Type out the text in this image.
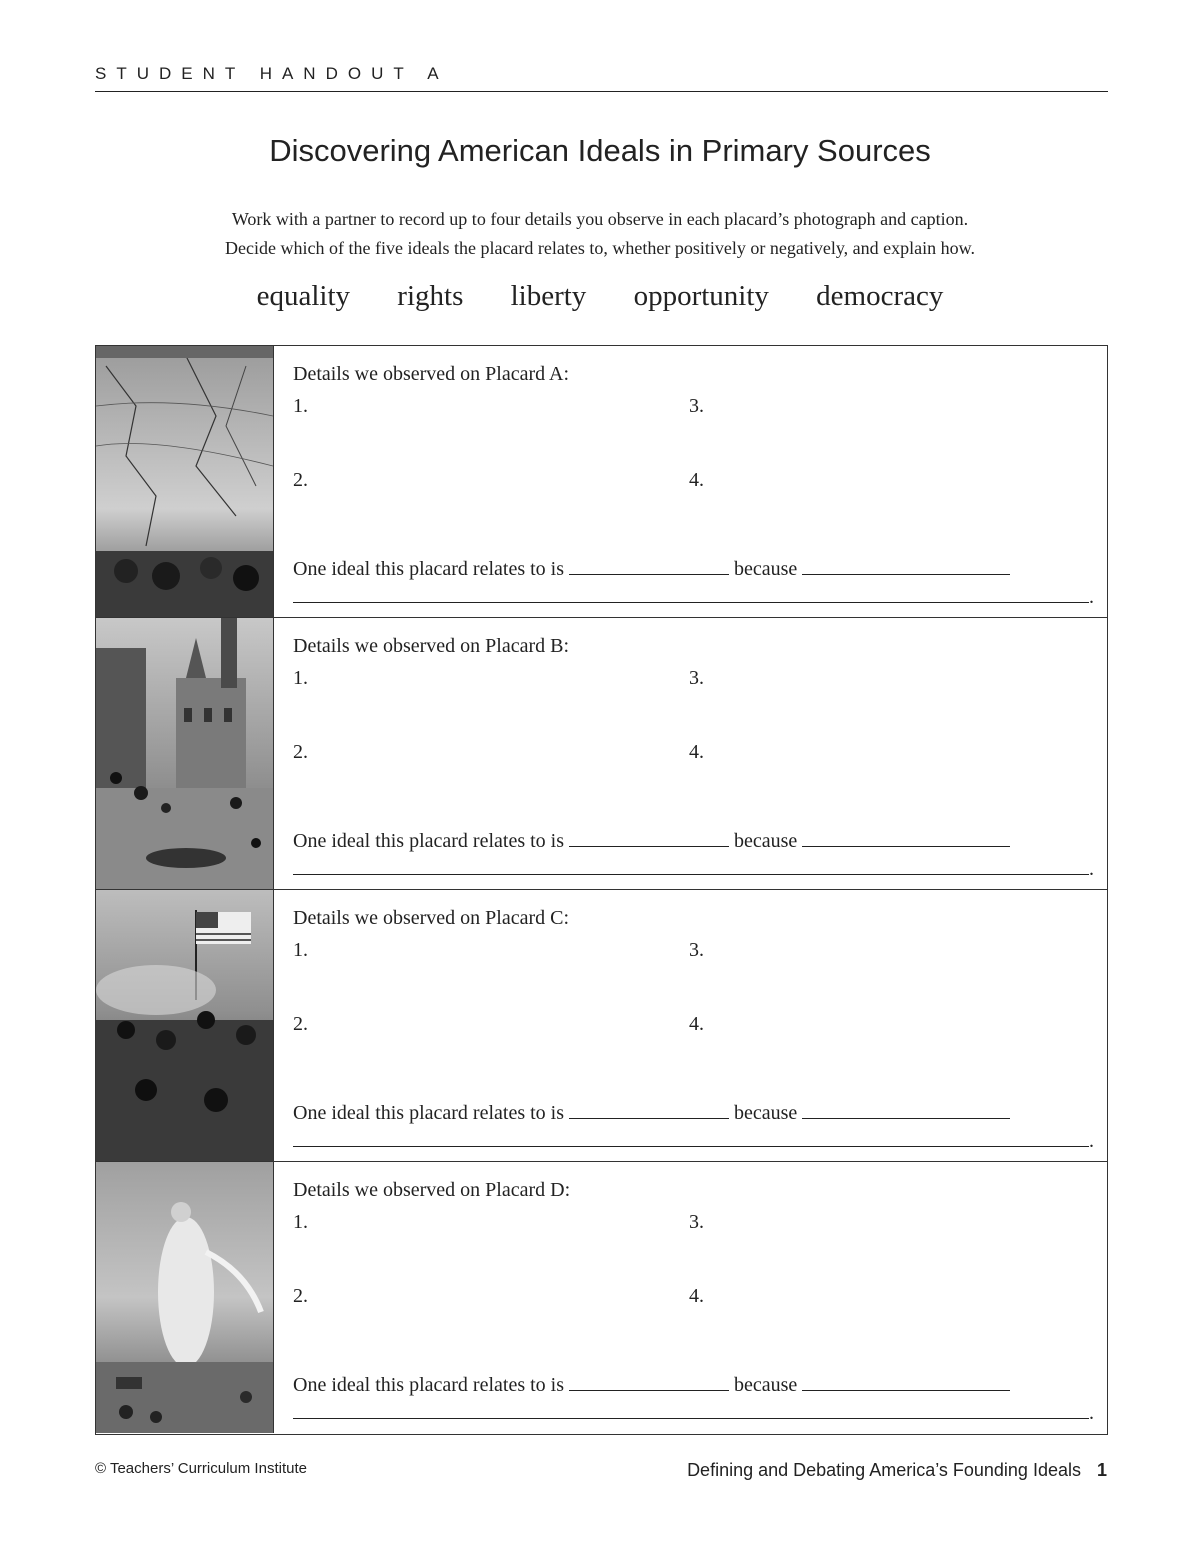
STUDENT HANDOUT A
Discovering American Ideals in Primary Sources
Work with a partner to record up to four details you observe in each placard’s photograph and caption.
Decide which of the five ideals the placard relates to, whether positively or negatively, and explain how.
equality rights liberty opportunity democracy
Details we observed on Placard A:
1.	3.
2.	4.
One ideal this placard relates to is	because
.
Details we observed on Placard B:
1.	3.
2.	4.
One ideal this placard relates to is	because
.
Details we observed on Placard C:
1.	3.
2.	4.
One ideal this placard relates to is	because
.
Details we observed on Placard D:
1.	3.
2.	4.
One ideal this placard relates to is	because
.
© Teachers’ Curriculum Institute	Defining and Debating America’s Founding Ideals 1
